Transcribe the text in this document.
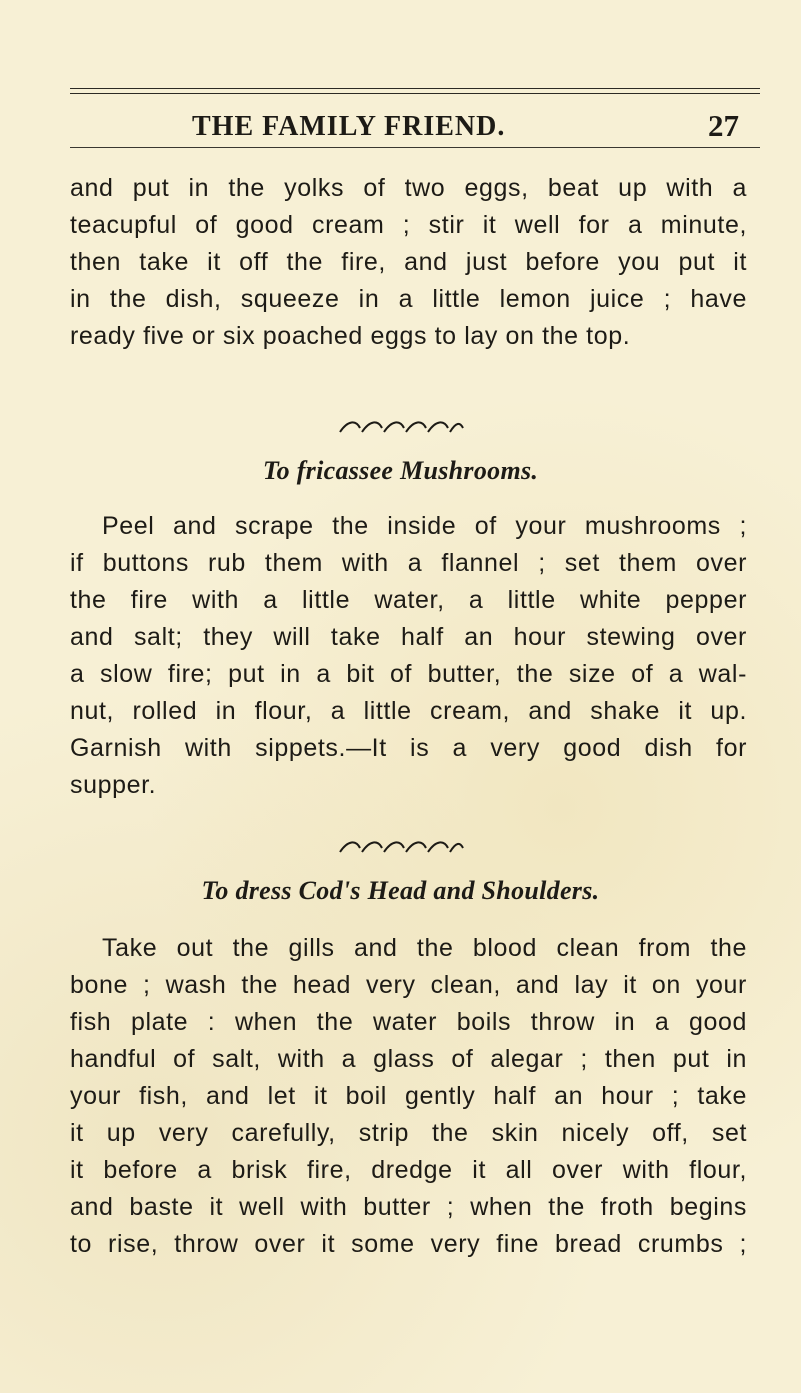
THE FAMILY FRIEND.	27
and put in the yolks of two eggs, beat up with a
teacupful of good cream ; stir it well for a minute,
then take it off the fire, and just before you put it
in the dish, squeeze in a little lemon juice ; have
ready five or six poached eggs to lay on the top.
To fricassee Mushrooms.
Peel and scrape the inside of your mushrooms ;
if buttons rub them with a flannel ; set them over
the fire with a little water, a little white pepper
and salt; they will take half an hour stewing over
a slow fire; put in a bit of butter, the size of a wal-
nut, rolled in flour, a little cream, and shake it up.
Garnish with sippets.—It is a very good dish for
supper.
To dress Cod's Head and Shoulders.
Take out the gills and the blood clean from the
bone ; wash the head very clean, and lay it on your
fish plate : when the water boils throw in a good
handful of salt, with a glass of alegar ; then put in
your fish, and let it boil gently half an hour ; take
it up very carefully, strip the skin nicely off, set
it before a brisk fire, dredge it all over with flour,
and baste it well with butter ; when the froth begins
to rise, throw over it some very fine bread crumbs ;
